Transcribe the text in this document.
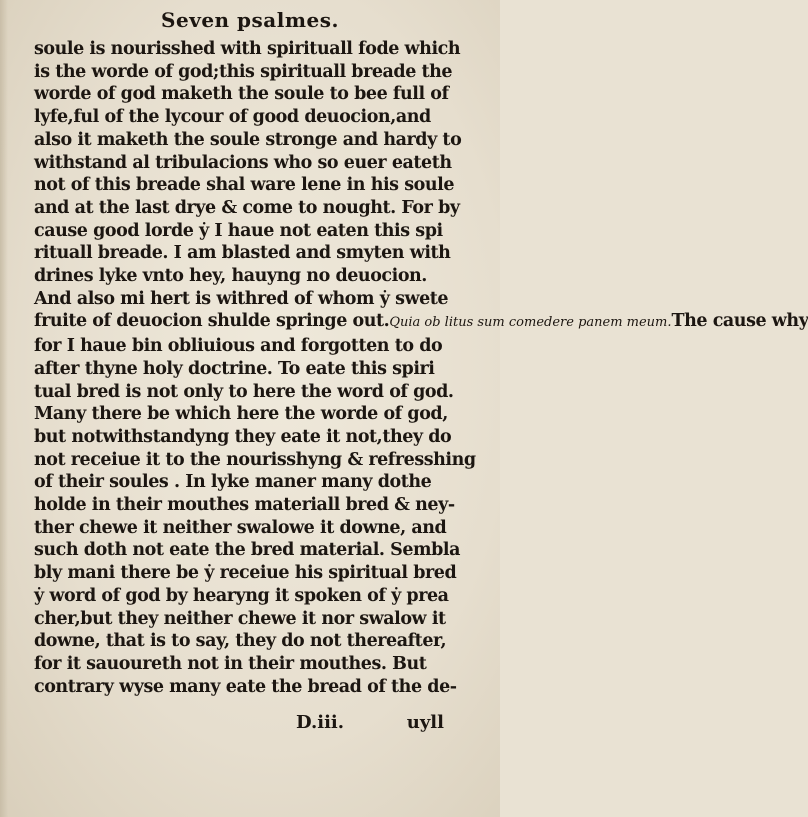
Seven psalmes.
soule is nourisshed with spirituall fode which
is the worde of god;this spirituall breade the
worde of god maketh the soule to bee full of
lyfe,ful of the lycour of good deuocion,and
also it maketh the soule stronge and hardy to
withstand al tribulacions who so euer eateth
not of this breade shal ware lene in his soule
and at the last drye & come to nought. For by
cause good lorde ẏ I haue not eaten this spi
rituall breade. I am blasted and smyten with
drines lyke vnto hey, hauyng no deuocion.
And also mi hert is withred of whom ẏ swete
fruite of deuocion shulde springe out.Quia ob litus sum comedere panem meum.The cause why
for I haue bin obliuious and forgotten to do
after thyne holy doctrine. To eate this spiri
tual bred is not only to here the word of god.
Many there be which here the worde of god,
but notwithstandyng they eate it not,they do
not receiue it to the nourisshyng & refresshing
of their soules . In lyke maner many dothe
holde in their mouthes materiall bred & ney-
ther chewe it neither swalowe it downe, and
such doth not eate the bred material. Sembla
bly mani there be ẏ receiue his spiritual bred
ẏ word of god by hearyng it spoken of ẏ prea
cher,but they neither chewe it nor swalow it
downe, that is to say, they do not thereafter,
for it sauoureth not in their mouthes. But
contrary wyse many eate the bread of the de-
D.iii.	uyll
